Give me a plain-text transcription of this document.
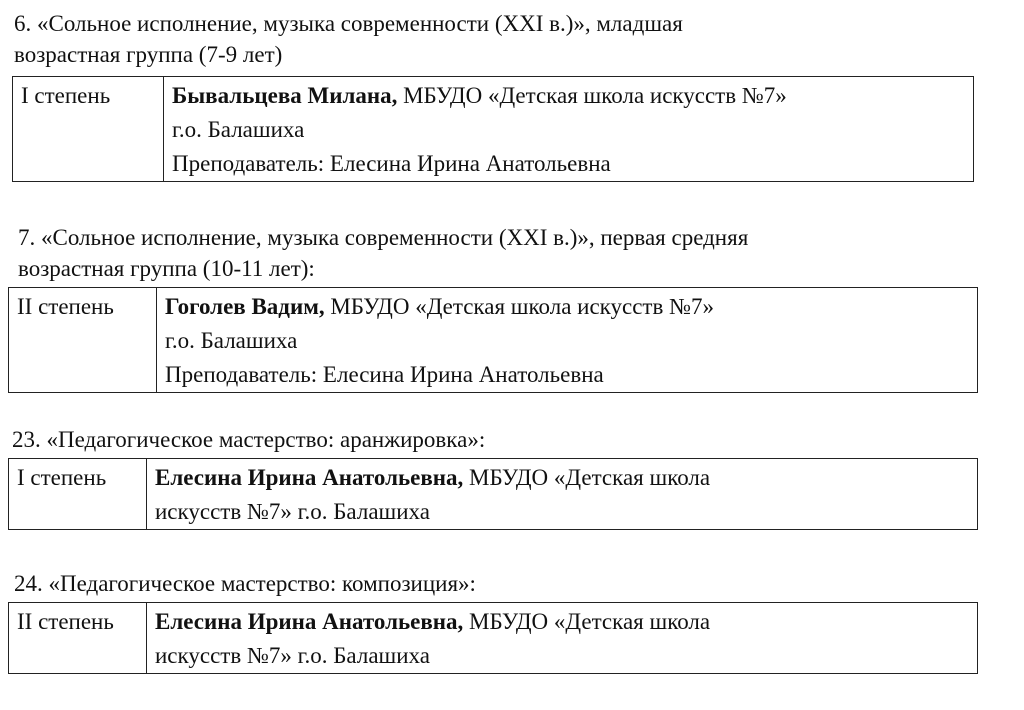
6. «Сольное исполнение, музыка современности (XXI в.)», младшая
возрастная группа (7-9 лет)
I степень	Бывальцева Милана, МБУДО «Детская школа искусств №7»
г.о. Балашиха
Преподаватель: Елесина Ирина Анатольевна
7. «Сольное исполнение, музыка современности (XXI в.)», первая средняя
возрастная группа (10-11 лет):
II степень	Гоголев Вадим, МБУДО «Детская школа искусств №7»
г.о. Балашиха
Преподаватель: Елесина Ирина Анатольевна
23. «Педагогическое мастерство: аранжировка»:
I степень	Елесина Ирина Анатольевна, МБУДО «Детская школа
искусств №7» г.о. Балашиха
24. «Педагогическое мастерство: композиция»:
II степень	Елесина Ирина Анатольевна, МБУДО «Детская школа
искусств №7» г.о. Балашиха
